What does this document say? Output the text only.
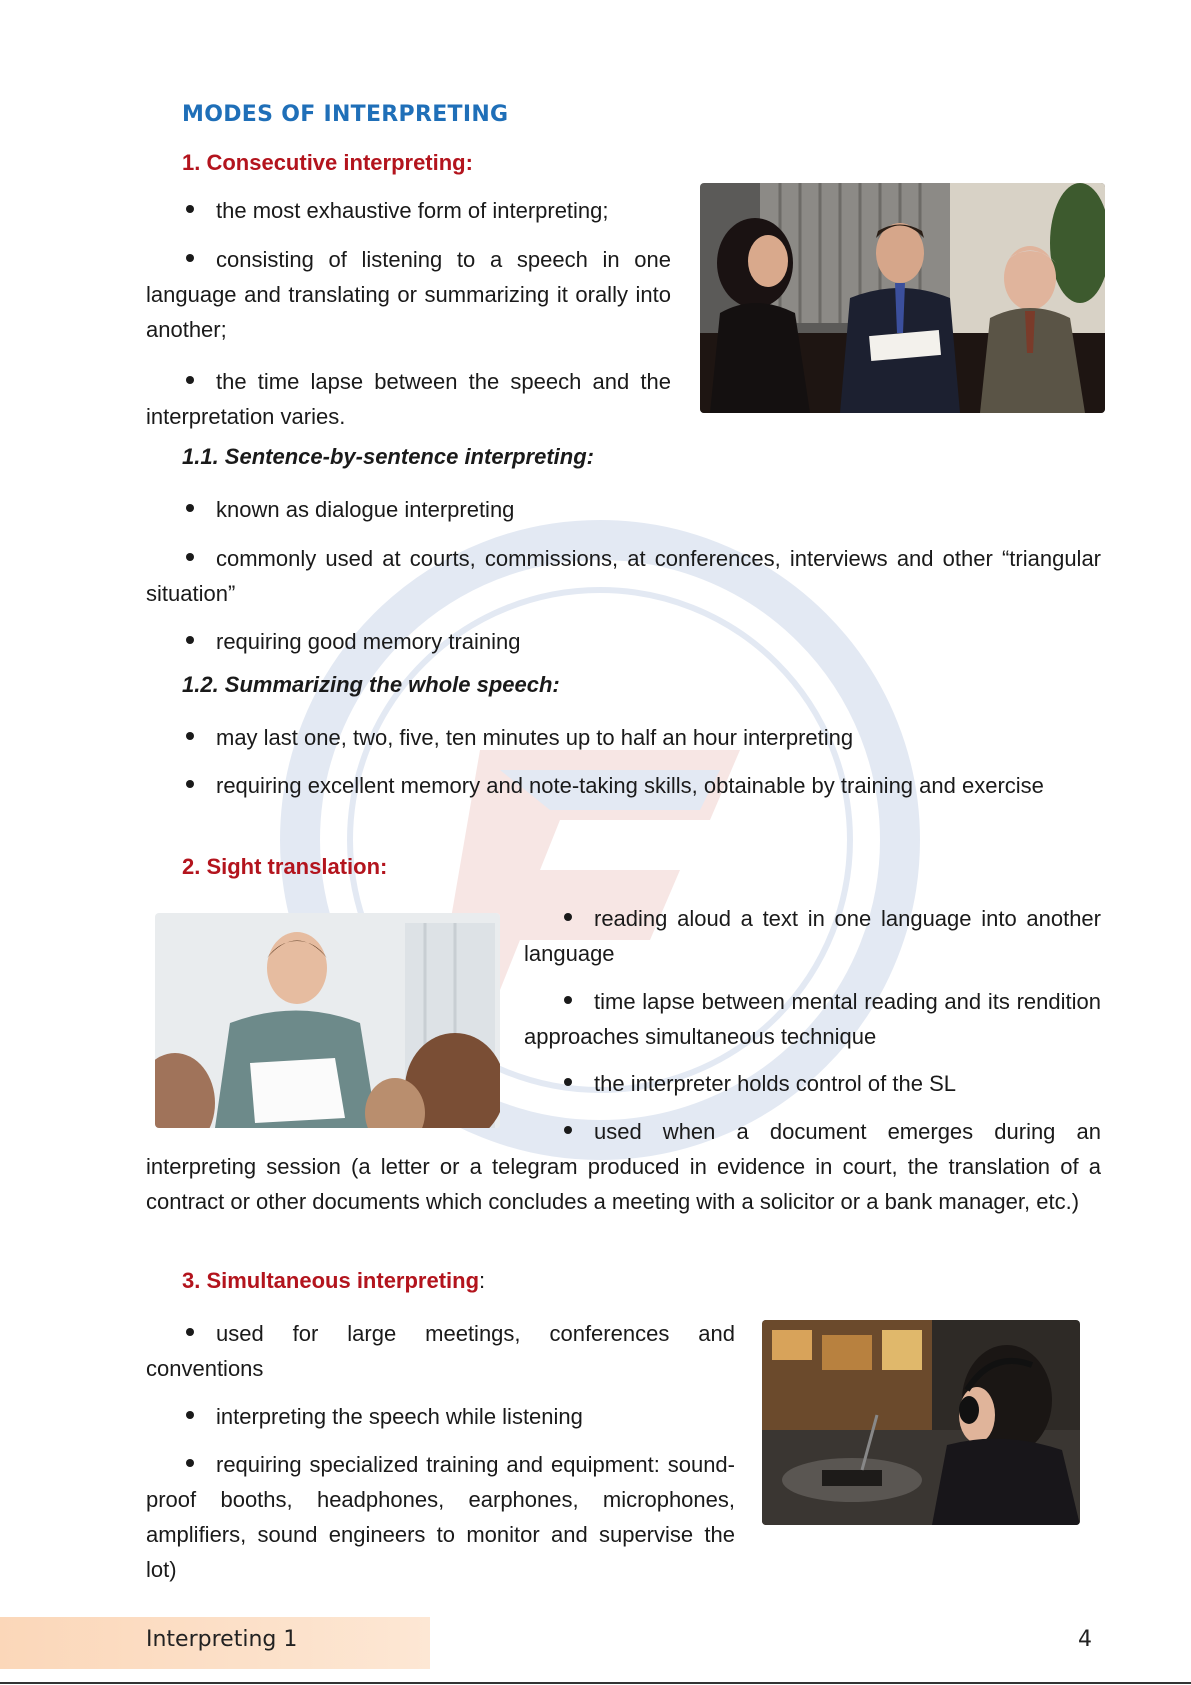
MODES OF INTERPRETING
1. Consecutive interpreting:
the most exhaustive form of interpreting;
consisting of listening to a speech in one language and translating or summarizing it orally into another;
the time lapse between the speech and the interpretation varies.
1.1. Sentence-by-sentence interpreting:
known as dialogue interpreting
commonly used at courts, commissions, at conferences, interviews and other “triangular situation”
requiring good memory training
1.2. Summarizing the whole speech:
may last one, two, five, ten minutes up to half an hour interpreting
requiring excellent memory and note-taking skills, obtainable by training and exercise
2. Sight translation:
reading aloud a text in one language into another language
time lapse between mental reading and its rendition approaches simultaneous technique
the interpreter holds control of the SL
used when a document emerges during an interpreting session (a letter or a telegram produced in evidence in court, the translation of a contract or other documents which concludes a meeting with a solicitor or a bank manager, etc.)
3. Simultaneous interpreting:
used for large meetings, conferences and conventions
interpreting the speech while listening
requiring specialized training and equipment: sound-proof booths, headphones, earphones, microphones, amplifiers, sound engineers to monitor and supervise the lot)
Interpreting 1	4
